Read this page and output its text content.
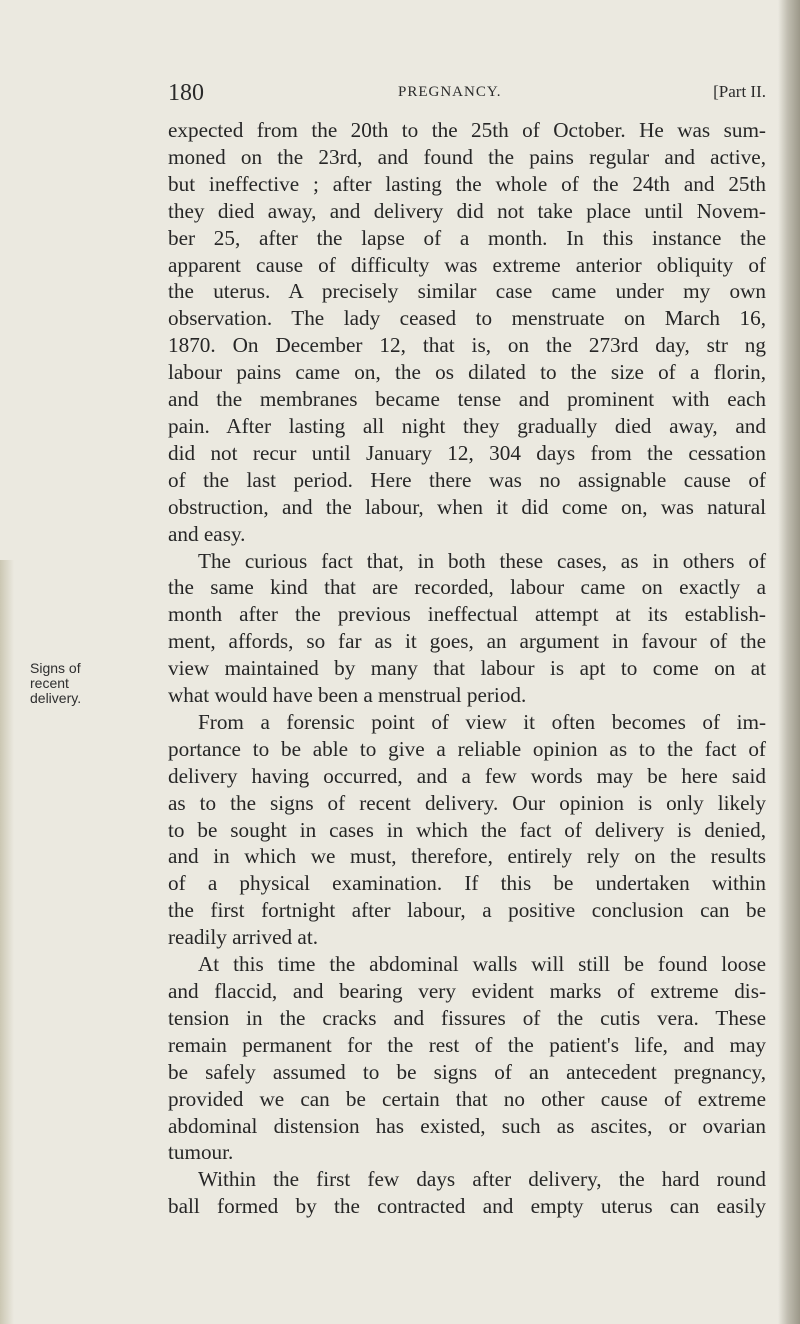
180	PREGNANCY.	[Part II.
Signs of
recent
delivery.
expected from the 20th to the 25th of October. He was sum-
moned on the 23rd, and found the pains regular and active,
but ineffective ; after lasting the whole of the 24th and 25th
they died away, and delivery did not take place until Novem-
ber 25, after the lapse of a month. In this instance the
apparent cause of difficulty was extreme anterior obliquity of
the uterus. A precisely similar case came under my own
observation. The lady ceased to menstruate on March 16,
1870. On December 12, that is, on the 273rd day, str ng
labour pains came on, the os dilated to the size of a florin,
and the membranes became tense and prominent with each
pain. After lasting all night they gradually died away, and
did not recur until January 12, 304 days from the cessation
of the last period. Here there was no assignable cause of
obstruction, and the labour, when it did come on, was natural
and easy.
The curious fact that, in both these cases, as in others of
the same kind that are recorded, labour came on exactly a
month after the previous ineffectual attempt at its establish-
ment, affords, so far as it goes, an argument in favour of the
view maintained by many that labour is apt to come on at
what would have been a menstrual period.
From a forensic point of view it often becomes of im-
portance to be able to give a reliable opinion as to the fact of
delivery having occurred, and a few words may be here said
as to the signs of recent delivery. Our opinion is only likely
to be sought in cases in which the fact of delivery is denied,
and in which we must, therefore, entirely rely on the results
of a physical examination. If this be undertaken within
the first fortnight after labour, a positive conclusion can be
readily arrived at.
At this time the abdominal walls will still be found loose
and flaccid, and bearing very evident marks of extreme dis-
tension in the cracks and fissures of the cutis vera. These
remain permanent for the rest of the patient's life, and may
be safely assumed to be signs of an antecedent pregnancy,
provided we can be certain that no other cause of extreme
abdominal distension has existed, such as ascites, or ovarian
tumour.
Within the first few days after delivery, the hard round
ball formed by the contracted and empty uterus can easily
